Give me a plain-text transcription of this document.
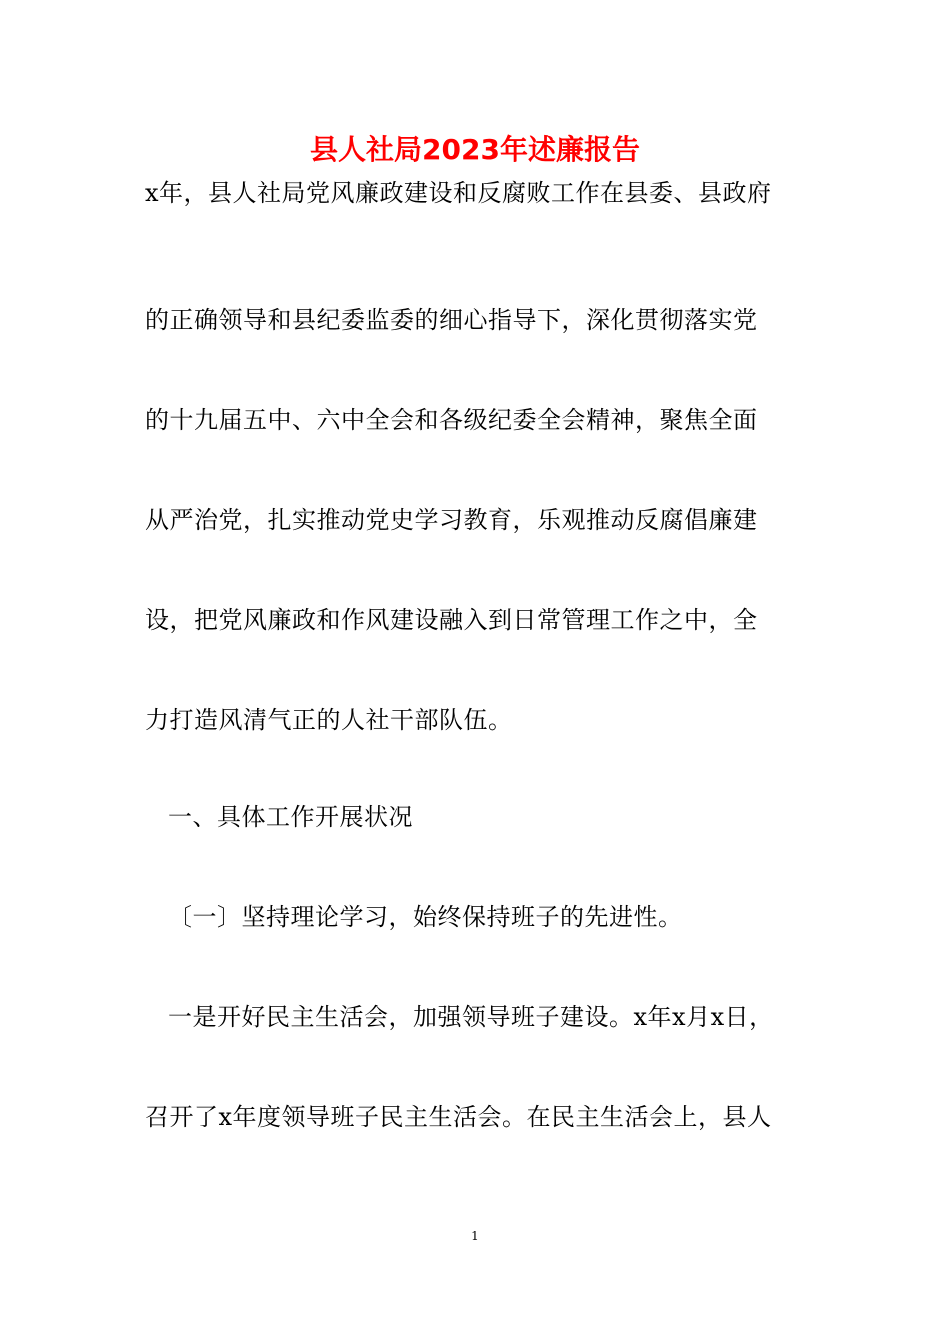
县人社局2023年述廉报告
x年，县人社局党风廉政建设和反腐败工作在县委、县政府
的正确领导和县纪委监委的细心指导下，深化贯彻落实党
的十九届五中、六中全会和各级纪委全会精神，聚焦全面
从严治党，扎实推动党史学习教育，乐观推动反腐倡廉建
设，把党风廉政和作风建设融入到日常管理工作之中，全
力打造风清气正的人社干部队伍。
一、具体工作开展状况
〔一〕坚持理论学习，始终保持班子的先进性。
一是开好民主生活会，加强领导班子建设。x年x月x日，
召开了x年度领导班子民主生活会。在民主生活会上，县人
1
